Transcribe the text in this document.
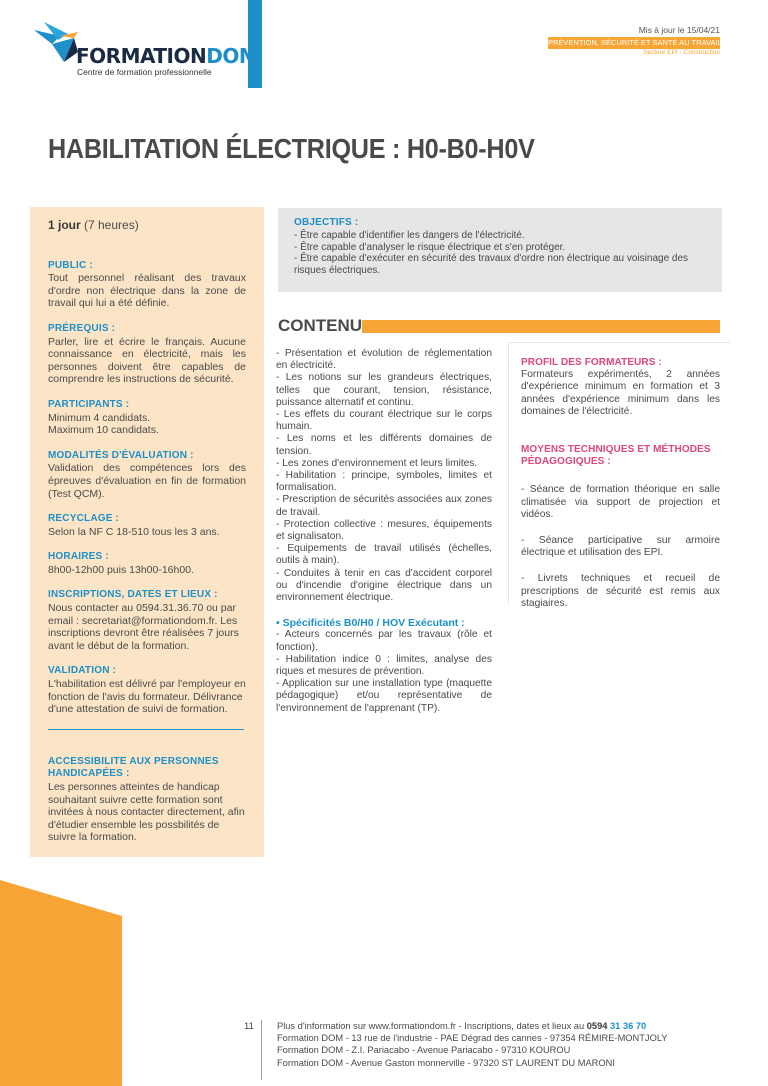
FORMATIONDOM
Centre de formation professionnelle
Mis à jour le 15/04/21
PRÉVENTION, SÉCURITÉ ET SANTÉ AU TRAVAIL
Secteur EPI - Construction
HABILITATION ÉLECTRIQUE : H0-B0-H0V
1 jour (7 heures)
PUBLIC :
Tout personnel réalisant des travaux d'ordre non électrique dans la zone de travail qui lui a été définie.
PRÉREQUIS :
Parler, lire et écrire le français. Aucune connaissance en électricité, mais les personnes doivent être capables de comprendre les instructions de sécurité.
PARTICIPANTS :
Minimum 4 candidats.
Maximum 10 candidats.
MODALITÉS D'ÉVALUATION :
Validation des compétences lors des épreuves d'évaluation en fin de formation (Test QCM).
RECYCLAGE :
Selon la NF C 18-510 tous les 3 ans.
HORAIRES :
8h00-12h00 puis 13h00-16h00.
INSCRIPTIONS, DATES ET LIEUX :
Nous contacter au 0594.31.36.70 ou par email : secretariat@formationdom.fr. Les inscriptions devront être réalisées 7 jours avant le début de la formation.
VALIDATION :
L'habilitation est délivré par l'employeur en fonction de l'avis du formateur. Délivrance d'une attestation de suivi de formation.
ACCESSIBILITE AUX PERSONNES HANDICAPÉES :
Les personnes atteintes de handicap souhaitant suivre cette formation sont invitées à nous contacter directement, afin d'étudier ensemble les possbilités de suivre la formation.
OBJECTIFS :
- Être capable d'identifier les dangers de l'électricité.
- Être capable d'analyser le risque électrique et s'en protéger.
- Être capable d'exécuter en sécurité des travaux d'ordre non électrique au voisinage des risques électriques.
CONTENU
- Présentation et évolution de réglementation en électricité.
- Les notions sur les grandeurs électriques, telles que courant, tension, résistance, puissance alternatif et continu.
- Les effets du courant électrique sur le corps humain.
- Les noms et les différents domaines de tension.
- Les zones d'environnement et leurs limites.
- Habilitation : principe, symboles, limites et formalisation.
- Prescription de sécurités associées aux zones de travail.
- Protection collective : mesures, équipements et signalisaton.
- Equipements de travail utilisés (échelles, outils à main).
- Conduites à tenir en cas d'accident corporel ou d'incendie d'origine électrique dans un environnement électrique.
• Spécificités B0/H0 / HOV Exécutant :
- Acteurs concernés par les travaux (rôle et fonction).
- Habilitation indice 0 : limites, analyse des riques et mesures de prévention.
- Application sur une installation type (maquette pédagogique) et/ou représentative de l'environnement de l'apprenant (TP).
PROFIL DES FORMATEURS :
Formateurs expérimentés, 2 années d'expérience minimum en formation et 3 années d'expérience minimum dans les domaines de l'électricité.
MOYENS TECHNIQUES ET MÉTHODES PÉDAGOGIQUES :
- Séance de formation théorique en salle climatisée via support de projection et vidéos.
- Séance participative sur armoire électrique et utilisation des EPI.
- Livrets techniques et recueil de prescriptions de sécurité est remis aux stagiaires.
11 Plus d'information sur www.formationdom.fr - Inscriptions, dates et lieux au 0594 31 36 70
Formation DOM - 13 rue de l'industrie - PAE Dégrad des cannes - 97354 RÉMIRE-MONTJOLY
Formation DOM - Z.I. Pariacabo - Avenue Pariacabo - 97310 KOUROU
Formation DOM - Avenue Gaston monnerville - 97320 ST LAURENT DU MARONI
